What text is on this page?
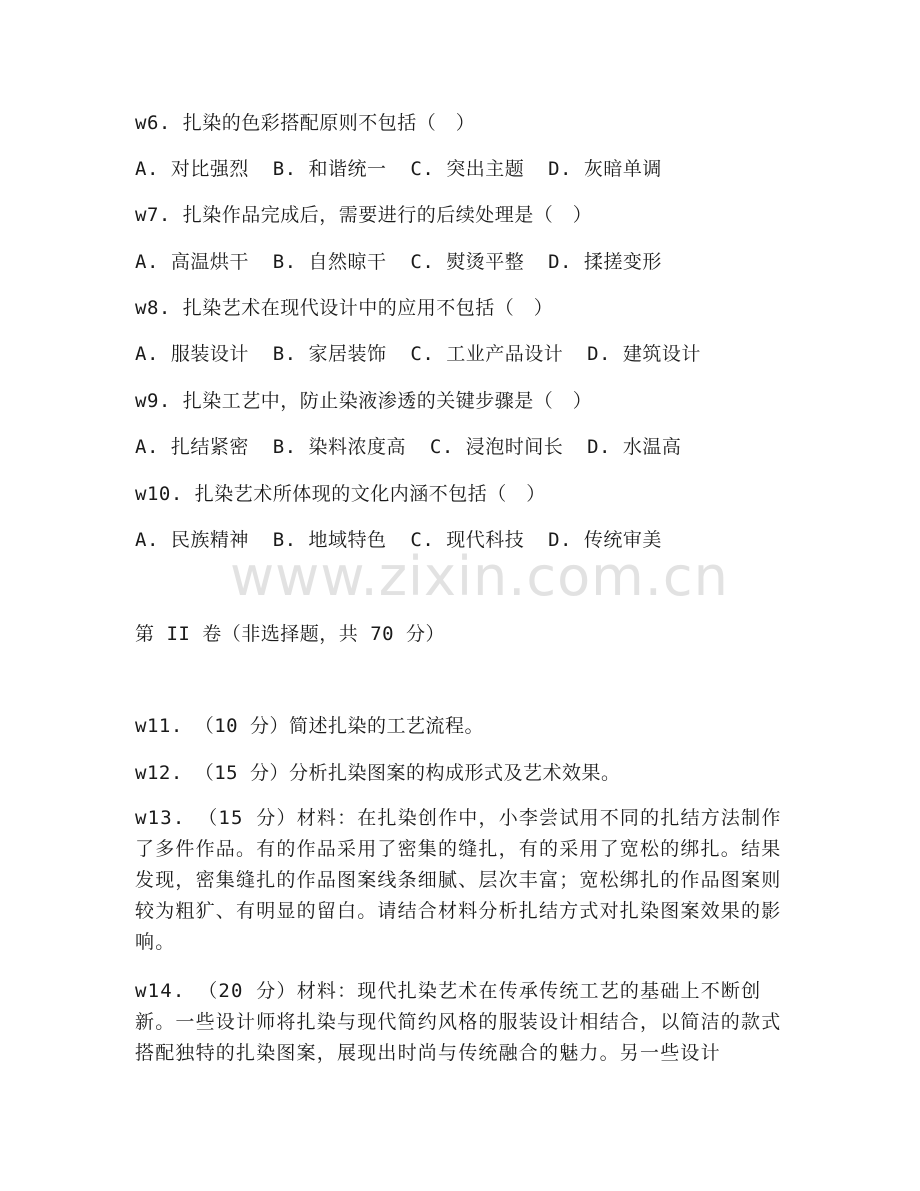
w6. 扎染的色彩搭配原则不包括（　）
A. 对比强烈  B. 和谐统一  C. 突出主题  D. 灰暗单调
w7. 扎染作品完成后，需要进行的后续处理是（　）
A. 高温烘干  B. 自然晾干  C. 熨烫平整  D. 揉搓变形
w8. 扎染艺术在现代设计中的应用不包括（　）
A. 服装设计  B. 家居装饰  C. 工业产品设计  D. 建筑设计
w9. 扎染工艺中，防止染液渗透的关键步骤是（　）
A. 扎结紧密  B. 染料浓度高  C. 浸泡时间长  D. 水温高
w10. 扎染艺术所体现的文化内涵不包括（　）
A. 民族精神  B. 地域特色  C. 现代科技  D. 传统审美
www.zixin.com.cn
第 II 卷（非选择题，共 70 分）
w11. （10 分）简述扎染的工艺流程。
w12. （15 分）分析扎染图案的构成形式及艺术效果。
w13. （15 分）材料：在扎染创作中，小李尝试用不同的扎结方法制作了多件作品。有的作品采用了密集的缝扎，有的采用了宽松的绑扎。结果发现，密集缝扎的作品图案线条细腻、层次丰富；宽松绑扎的作品图案则较为粗犷、有明显的留白。请结合材料分析扎结方式对扎染图案效果的影响。
w14. （20 分）材料：现代扎染艺术在传承传统工艺的基础上不断创新。一些设计师将扎染与现代简约风格的服装设计相结合，以简洁的款式搭配独特的扎染图案，展现出时尚与传统融合的魅力。另一些设计
